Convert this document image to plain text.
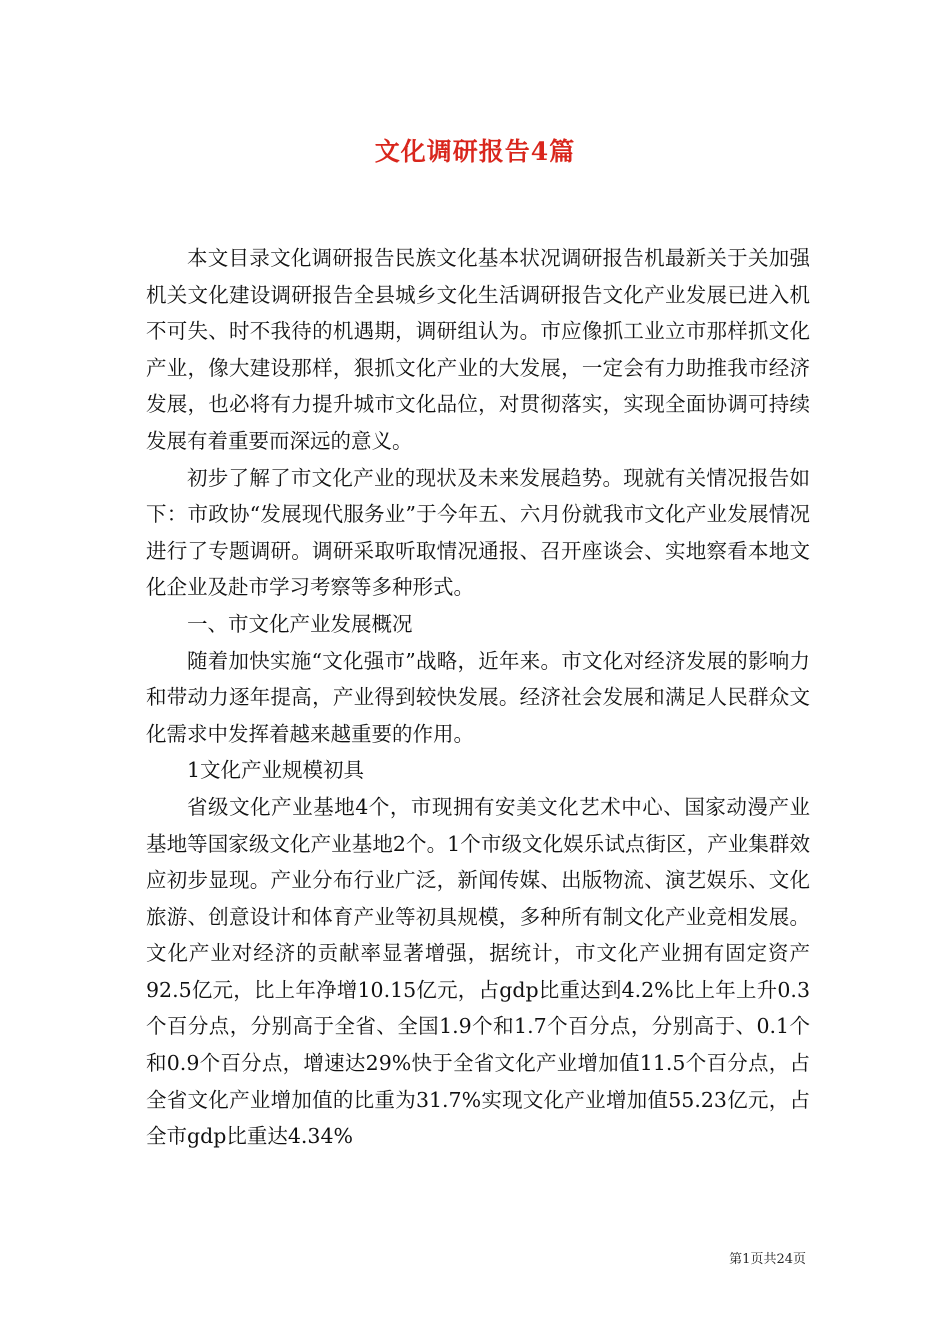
文化调研报告4篇

本文目录文化调研报告民族文化基本状况调研报告机最新关于关加强机关文化建设调研报告全县城乡文化生活调研报告文化产业发展已进入机不可失、时不我待的机遇期，调研组认为。市应像抓工业立市那样抓文化产业，像大建设那样，狠抓文化产业的大发展，一定会有力助推我市经济发展，也必将有力提升城市文化品位，对贯彻落实，实现全面协调可持续发展有着重要而深远的意义。

初步了解了市文化产业的现状及未来发展趋势。现就有关情况报告如下：市政协“发展现代服务业”于今年五、六月份就我市文化产业发展情况进行了专题调研。调研采取听取情况通报、召开座谈会、实地察看本地文化企业及赴市学习考察等多种形式。

一、市文化产业发展概况

随着加快实施“文化强市”战略，近年来。市文化对经济发展的影响力和带动力逐年提高，产业得到较快发展。经济社会发展和满足人民群众文化需求中发挥着越来越重要的作用。

1文化产业规模初具

省级文化产业基地4个，市现拥有安美文化艺术中心、国家动漫产业基地等国家级文化产业基地2个。1个市级文化娱乐试点街区，产业集群效应初步显现。产业分布行业广泛，新闻传媒、出版物流、演艺娱乐、文化旅游、创意设计和体育产业等初具规模，多种所有制文化产业竞相发展。文化产业对经济的贡献率显著增强，据统计，市文化产业拥有固定资产92.5亿元，比上年净增10.15亿元，占gdp比重达到4.2%比上年上升0.3个百分点，分别高于全省、全国1.9个和1.7个百分点，分别高于、0.1个和0.9个百分点，增速达29%快于全省文化产业增加值11.5个百分点，占全省文化产业增加值的比重为31.7%实现文化产业增加值55.23亿元，占全市gdp比重达4.34%

第1页共24页
